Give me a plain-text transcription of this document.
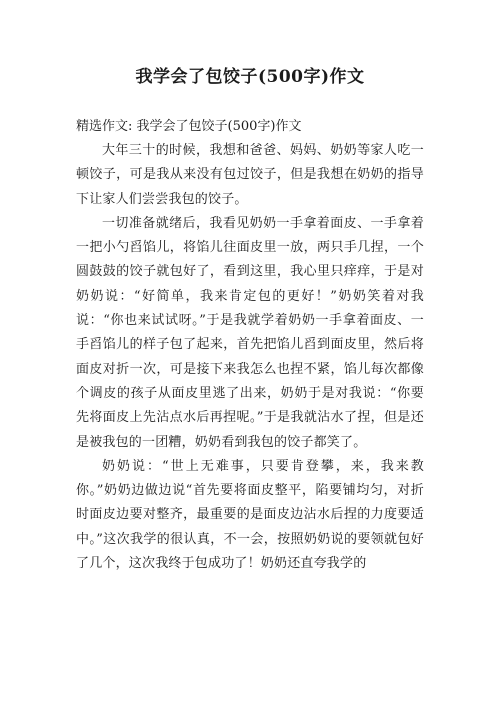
我学会了包饺子(500字)作文

精选作文: 我学会了包饺子(500字)作文

大年三十的时候，我想和爸爸、妈妈、奶奶等家人吃一顿饺子，可是我从来没有包过饺子，但是我想在奶奶的指导下让家人们尝尝我包的饺子。

一切准备就绪后，我看见奶奶一手拿着面皮、一手拿着一把小勺舀馅儿，将馅儿往面皮里一放，两只手几捏，一个圆鼓鼓的饺子就包好了，看到这里，我心里只痒痒，于是对奶奶说：“好简单，我来肯定包的更好！”奶奶笑着对我说：“你也来试试呀。”于是我就学着奶奶一手拿着面皮、一手舀馅儿的样子包了起来，首先把馅儿舀到面皮里，然后将面皮对折一次，可是接下来我怎么也捏不紧，馅儿每次都像个调皮的孩子从面皮里逃了出来，奶奶于是对我说：“你要先将面皮上先沾点水后再捏呢。”于是我就沾水了捏，但是还是被我包的一团糟，奶奶看到我包的饺子都笑了。

奶奶说：“世上无难事，只要肯登攀，来，我来教你。”奶奶边做边说“首先要将面皮整平，陷要铺均匀，对折时面皮边要对整齐，最重要的是面皮边沾水后捏的力度要适中。”这次我学的很认真，不一会，按照奶奶说的要领就包好了几个，这次我终于包成功了！奶奶还直夸我学的
